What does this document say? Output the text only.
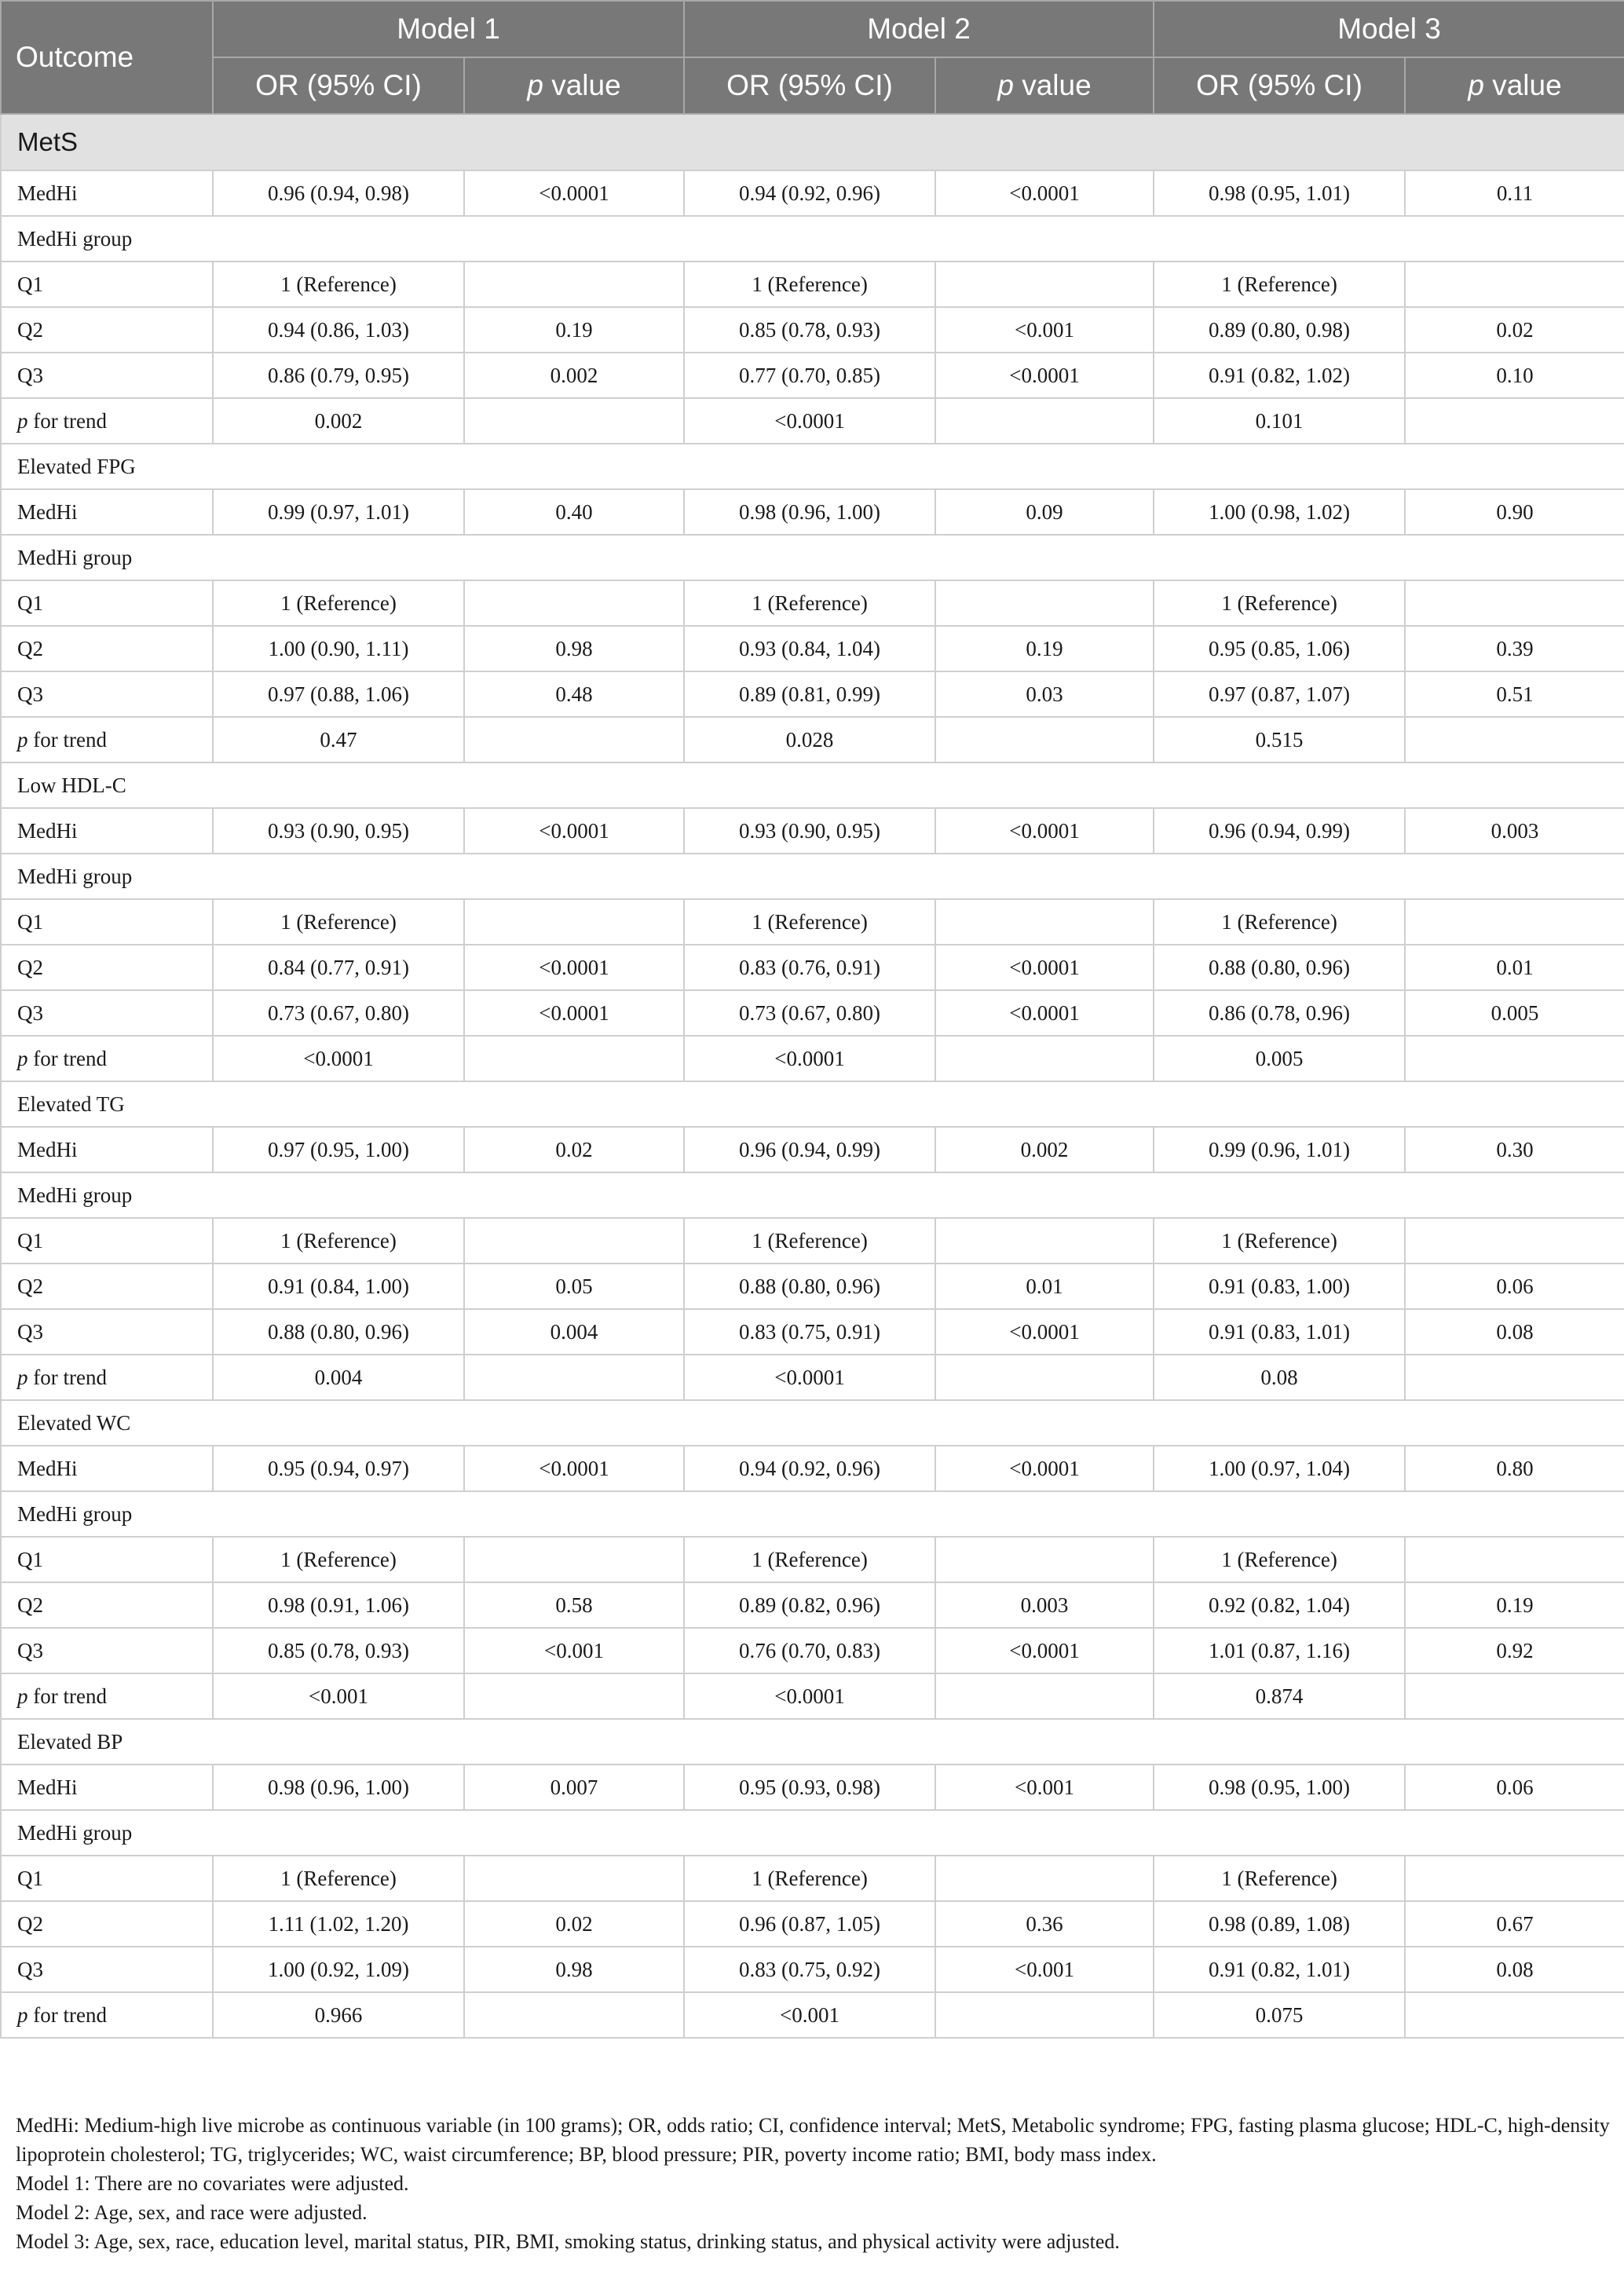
Outcome	Model 1		Model 2		Model 3	
	OR (95% CI)	p value	OR (95% CI)	p value	OR (95% CI)	p value
MetS						
MedHi	0.96 (0.94, 0.98)	<0.0001	0.94 (0.92, 0.96)	<0.0001	0.98 (0.95, 1.01)	0.11
MedHi group						
Q1	1 (Reference)		1 (Reference)		1 (Reference)	
Q2	0.94 (0.86, 1.03)	0.19	0.85 (0.78, 0.93)	<0.001	0.89 (0.80, 0.98)	0.02
Q3	0.86 (0.79, 0.95)	0.002	0.77 (0.70, 0.85)	<0.0001	0.91 (0.82, 1.02)	0.10
p for trend	0.002		<0.0001		0.101	
Elevated FPG						
MedHi	0.99 (0.97, 1.01)	0.40	0.98 (0.96, 1.00)	0.09	1.00 (0.98, 1.02)	0.90
MedHi group						
Q1	1 (Reference)		1 (Reference)		1 (Reference)	
Q2	1.00 (0.90, 1.11)	0.98	0.93 (0.84, 1.04)	0.19	0.95 (0.85, 1.06)	0.39
Q3	0.97 (0.88, 1.06)	0.48	0.89 (0.81, 0.99)	0.03	0.97 (0.87, 1.07)	0.51
p for trend	0.47		0.028		0.515	
Low HDL-C						
MedHi	0.93 (0.90, 0.95)	<0.0001	0.93 (0.90, 0.95)	<0.0001	0.96 (0.94, 0.99)	0.003
MedHi group						
Q1	1 (Reference)		1 (Reference)		1 (Reference)	
Q2	0.84 (0.77, 0.91)	<0.0001	0.83 (0.76, 0.91)	<0.0001	0.88 (0.80, 0.96)	0.01
Q3	0.73 (0.67, 0.80)	<0.0001	0.73 (0.67, 0.80)	<0.0001	0.86 (0.78, 0.96)	0.005
p for trend	<0.0001		<0.0001		0.005	
Elevated TG						
MedHi	0.97 (0.95, 1.00)	0.02	0.96 (0.94, 0.99)	0.002	0.99 (0.96, 1.01)	0.30
MedHi group						
Q1	1 (Reference)		1 (Reference)		1 (Reference)	
Q2	0.91 (0.84, 1.00)	0.05	0.88 (0.80, 0.96)	0.01	0.91 (0.83, 1.00)	0.06
Q3	0.88 (0.80, 0.96)	0.004	0.83 (0.75, 0.91)	<0.0001	0.91 (0.83, 1.01)	0.08
p for trend	0.004		<0.0001		0.08	
Elevated WC						
MedHi	0.95 (0.94, 0.97)	<0.0001	0.94 (0.92, 0.96)	<0.0001	1.00 (0.97, 1.04)	0.80
MedHi group						
Q1	1 (Reference)		1 (Reference)		1 (Reference)	
Q2	0.98 (0.91, 1.06)	0.58	0.89 (0.82, 0.96)	0.003	0.92 (0.82, 1.04)	0.19
Q3	0.85 (0.78, 0.93)	<0.001	0.76 (0.70, 0.83)	<0.0001	1.01 (0.87, 1.16)	0.92
p for trend	<0.001		<0.0001		0.874	
Elevated BP						
MedHi	0.98 (0.96, 1.00)	0.007	0.95 (0.93, 0.98)	<0.001	0.98 (0.95, 1.00)	0.06
MedHi group						
Q1	1 (Reference)		1 (Reference)		1 (Reference)	
Q2	1.11 (1.02, 1.20)	0.02	0.96 (0.87, 1.05)	0.36	0.98 (0.89, 1.08)	0.67
Q3	1.00 (0.92, 1.09)	0.98	0.83 (0.75, 0.92)	<0.001	0.91 (0.82, 1.01)	0.08
p for trend	0.966		<0.001		0.075	

MedHi: Medium-high live microbe as continuous variable (in 100 grams); OR, odds ratio; CI, confidence interval; MetS, Metabolic syndrome; FPG, fasting plasma glucose; HDL-C, high-density lipoprotein cholesterol; TG, triglycerides; WC, waist circumference; BP, blood pressure; PIR, poverty income ratio; BMI, body mass index.

Model 1: There are no covariates were adjusted.

Model 2: Age, sex, and race were adjusted.

Model 3: Age, sex, race, education level, marital status, PIR, BMI, smoking status, drinking status, and physical activity were adjusted.
